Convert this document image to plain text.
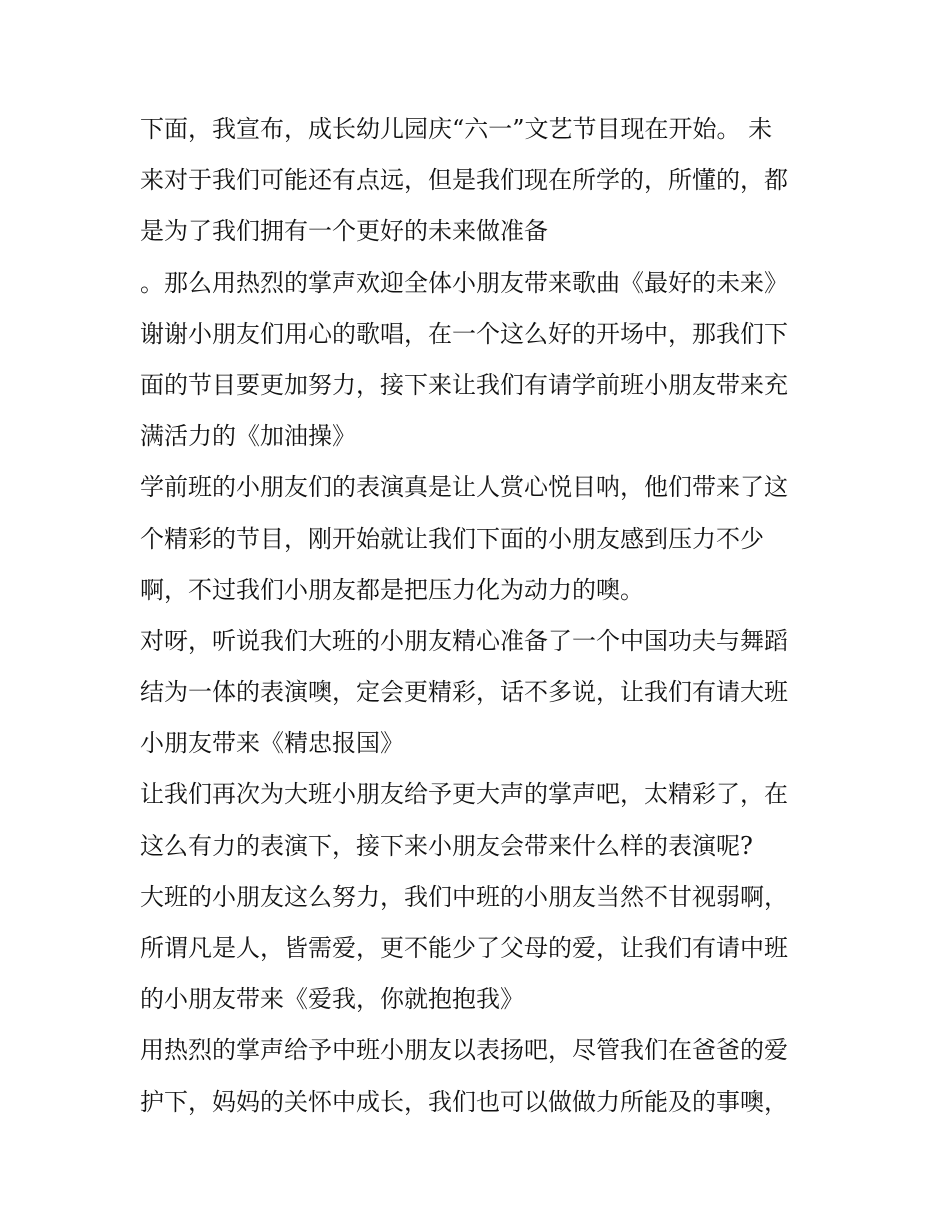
下面，我宣布，成长幼儿园庆“六一”文艺节目现在开始。 未
来对于我们可能还有点远，但是我们现在所学的，所懂的，都
是为了我们拥有一个更好的未来做准备
。那么用热烈的掌声欢迎全体小朋友带来歌曲《最好的未来》
谢谢小朋友们用心的歌唱，在一个这么好的开场中，那我们下
面的节目要更加努力，接下来让我们有请学前班小朋友带来充
满活力的《加油操》
学前班的小朋友们的表演真是让人赏心悦目呐，他们带来了这
个精彩的节目，刚开始就让我们下面的小朋友感到压力不少
啊，不过我们小朋友都是把压力化为动力的噢。
对呀，听说我们大班的小朋友精心准备了一个中国功夫与舞蹈
结为一体的表演噢，定会更精彩，话不多说，让我们有请大班
小朋友带来《精忠报国》
让我们再次为大班小朋友给予更大声的掌声吧，太精彩了，在
这么有力的表演下，接下来小朋友会带来什么样的表演呢?
大班的小朋友这么努力，我们中班的小朋友当然不甘视弱啊，
所谓凡是人，皆需爱，更不能少了父母的爱，让我们有请中班
的小朋友带来《爱我，你就抱抱我》
用热烈的掌声给予中班小朋友以表扬吧，尽管我们在爸爸的爱
护下，妈妈的关怀中成长，我们也可以做做力所能及的事噢，
